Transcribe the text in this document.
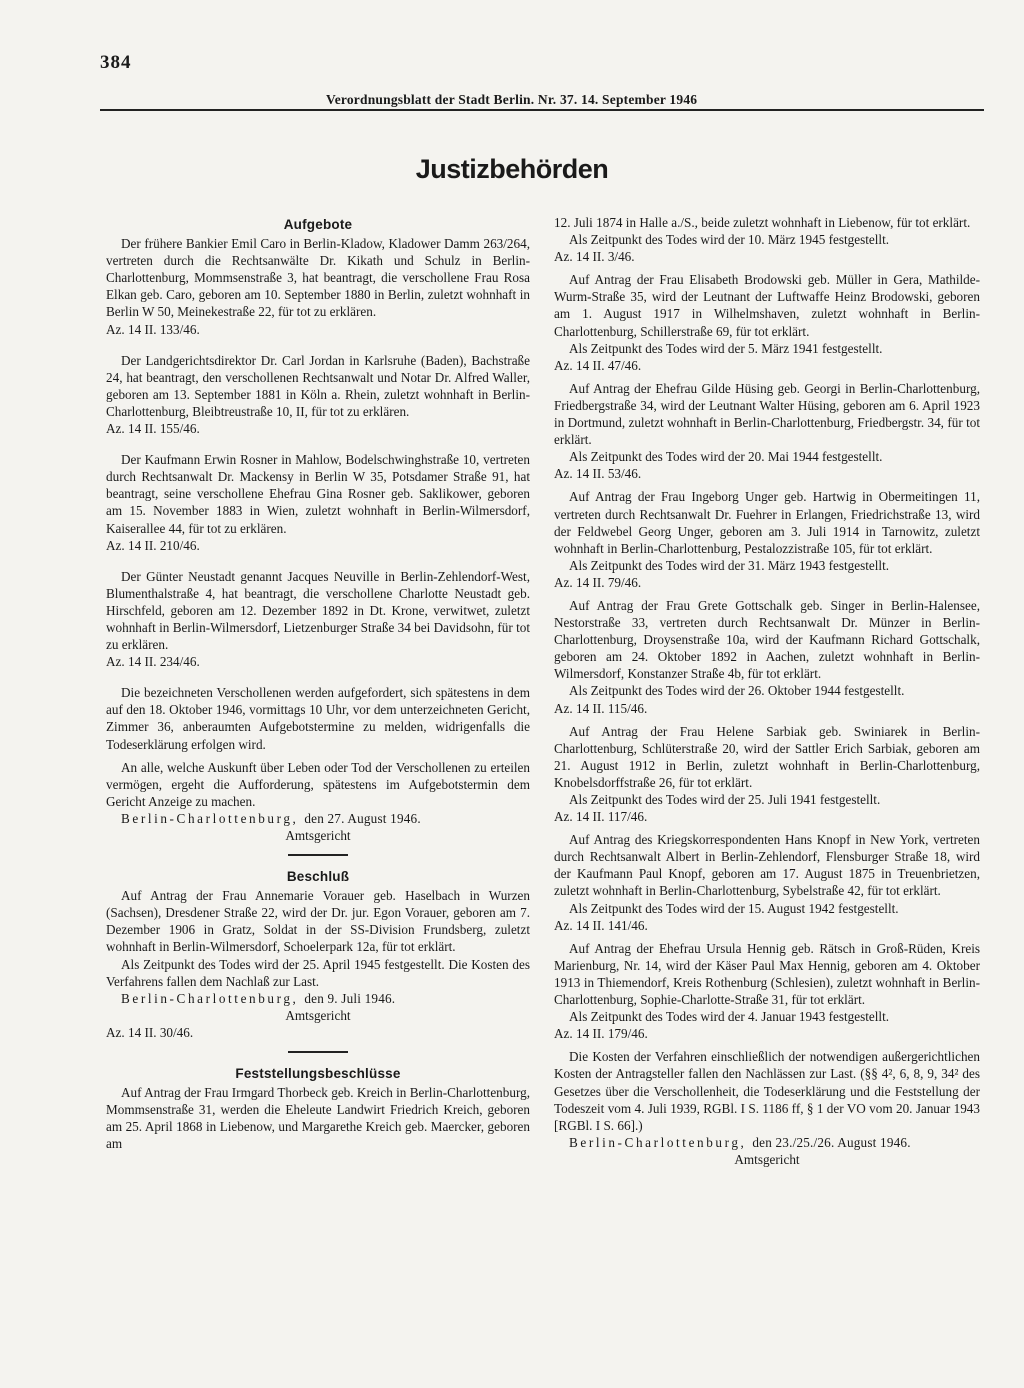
384
Verordnungsblatt der Stadt Berlin. Nr. 37. 14. September 1946
Justizbehörden
Aufgebote

Der frühere Bankier Emil Caro in Berlin-Kladow, Kladower Damm 263/264, vertreten durch die Rechtsanwälte Dr. Kikath und Schulz in Berlin-Charlottenburg, Mommsenstraße 3, hat beantragt, die verschollene Frau Rosa Elkan geb. Caro, geboren am 10. September 1880 in Berlin, zuletzt wohnhaft in Berlin W 50, Meinekestraße 22, für tot zu erklären.

Az. 14 II. 133/46.

Der Landgerichtsdirektor Dr. Carl Jordan in Karlsruhe (Baden), Bachstraße 24, hat beantragt, den verschollenen Rechtsanwalt und Notar Dr. Alfred Waller, geboren am 13. September 1881 in Köln a. Rhein, zuletzt wohnhaft in Berlin-Charlottenburg, Bleibtreustraße 10, II, für tot zu erklären.

Az. 14 II. 155/46.

Der Kaufmann Erwin Rosner in Mahlow, Bodelschwinghstraße 10, vertreten durch Rechtsanwalt Dr. Mackensy in Berlin W 35, Potsdamer Straße 91, hat beantragt, seine verschollene Ehefrau Gina Rosner geb. Saklikower, geboren am 15. November 1883 in Wien, zuletzt wohnhaft in Berlin-Wilmersdorf, Kaiserallee 44, für tot zu erklären.

Az. 14 II. 210/46.

Der Günter Neustadt genannt Jacques Neuville in Berlin-Zehlendorf-West, Blumenthalstraße 4, hat beantragt, die verschollene Charlotte Neustadt geb. Hirschfeld, geboren am 12. Dezember 1892 in Dt. Krone, verwitwet, zuletzt wohnhaft in Berlin-Wilmersdorf, Lietzenburger Straße 34 bei Davidsohn, für tot zu erklären.

Az. 14 II. 234/46.

Die bezeichneten Verschollenen werden aufgefordert, sich spätestens in dem auf den 18. Oktober 1946, vormittags 10 Uhr, vor dem unterzeichneten Gericht, Zimmer 36, anberaumten Aufgebotstermine zu melden, widrigenfalls die Todeserklärung erfolgen wird.

An alle, welche Auskunft über Leben oder Tod der Verschollenen zu erteilen vermögen, ergeht die Aufforderung, spätestens im Aufgebotstermin dem Gericht Anzeige zu machen.

Berlin-Charlottenburg, den 27. August 1946.

Amtsgericht

Beschluß

Auf Antrag der Frau Annemarie Vorauer geb. Haselbach in Wurzen (Sachsen), Dresdener Straße 22, wird der Dr. jur. Egon Vorauer, geboren am 7. Dezember 1906 in Gratz, Soldat in der SS-Division Frundsberg, zuletzt wohnhaft in Berlin-Wilmersdorf, Schoelerpark 12a, für tot erklärt.

Als Zeitpunkt des Todes wird der 25. April 1945 festgestellt. Die Kosten des Verfahrens fallen dem Nachlaß zur Last.

Berlin-Charlottenburg, den 9. Juli 1946.

Amtsgericht

Az. 14 II. 30/46.

Feststellungsbeschlüsse

Auf Antrag der Frau Irmgard Thorbeck geb. Kreich in Berlin-Charlottenburg, Mommsenstraße 31, werden die Eheleute Landwirt Friedrich Kreich, geboren am 25. April 1868 in Liebenow, und Margarethe Kreich geb. Maercker, geboren am

12. Juli 1874 in Halle a./S., beide zuletzt wohnhaft in Liebenow, für tot erklärt.

Als Zeitpunkt des Todes wird der 10. März 1945 festgestellt.

Az. 14 II. 3/46.

Auf Antrag der Frau Elisabeth Brodowski geb. Müller in Gera, Mathilde-Wurm-Straße 35, wird der Leutnant der Luftwaffe Heinz Brodowski, geboren am 1. August 1917 in Wilhelmshaven, zuletzt wohnhaft in Berlin-Charlottenburg, Schillerstraße 69, für tot erklärt.

Als Zeitpunkt des Todes wird der 5. März 1941 festgestellt.

Az. 14 II. 47/46.

Auf Antrag der Ehefrau Gilde Hüsing geb. Georgi in Berlin-Charlottenburg, Friedbergstraße 34, wird der Leutnant Walter Hüsing, geboren am 6. April 1923 in Dortmund, zuletzt wohnhaft in Berlin-Charlottenburg, Friedbergstr. 34, für tot erklärt.

Als Zeitpunkt des Todes wird der 20. Mai 1944 festgestellt.

Az. 14 II. 53/46.

Auf Antrag der Frau Ingeborg Unger geb. Hartwig in Obermeitingen 11, vertreten durch Rechtsanwalt Dr. Fuehrer in Erlangen, Friedrichstraße 13, wird der Feldwebel Georg Unger, geboren am 3. Juli 1914 in Tarnowitz, zuletzt wohnhaft in Berlin-Charlottenburg, Pestalozzistraße 105, für tot erklärt.

Als Zeitpunkt des Todes wird der 31. März 1943 festgestellt.

Az. 14 II. 79/46.

Auf Antrag der Frau Grete Gottschalk geb. Singer in Berlin-Halensee, Nestorstraße 33, vertreten durch Rechtsanwalt Dr. Münzer in Berlin-Charlottenburg, Droysenstraße 10a, wird der Kaufmann Richard Gottschalk, geboren am 24. Oktober 1892 in Aachen, zuletzt wohnhaft in Berlin-Wilmersdorf, Konstanzer Straße 4b, für tot erklärt.

Als Zeitpunkt des Todes wird der 26. Oktober 1944 festgestellt.

Az. 14 II. 115/46.

Auf Antrag der Frau Helene Sarbiak geb. Swiniarek in Berlin-Charlottenburg, Schlüterstraße 20, wird der Sattler Erich Sarbiak, geboren am 21. August 1912 in Berlin, zuletzt wohnhaft in Berlin-Charlottenburg, Knobelsdorffstraße 26, für tot erklärt.

Als Zeitpunkt des Todes wird der 25. Juli 1941 festgestellt.

Az. 14 II. 117/46.

Auf Antrag des Kriegskorrespondenten Hans Knopf in New York, vertreten durch Rechtsanwalt Albert in Berlin-Zehlendorf, Flensburger Straße 18, wird der Kaufmann Paul Knopf, geboren am 17. August 1875 in Treuenbrietzen, zuletzt wohnhaft in Berlin-Charlottenburg, Sybelstraße 42, für tot erklärt.

Als Zeitpunkt des Todes wird der 15. August 1942 festgestellt.

Az. 14 II. 141/46.

Auf Antrag der Ehefrau Ursula Hennig geb. Rätsch in Groß-Rüden, Kreis Marienburg, Nr. 14, wird der Käser Paul Max Hennig, geboren am 4. Oktober 1913 in Thiemendorf, Kreis Rothenburg (Schlesien), zuletzt wohnhaft in Berlin-Charlottenburg, Sophie-Charlotte-Straße 31, für tot erklärt.

Als Zeitpunkt des Todes wird der 4. Januar 1943 festgestellt.

Az. 14 II. 179/46.

Die Kosten der Verfahren einschließlich der notwendigen außergerichtlichen Kosten der Antragsteller fallen den Nachlässen zur Last. (§§ 4², 6, 8, 9, 34² des Gesetzes über die Verschollenheit, die Todeserklärung und die Feststellung der Todeszeit vom 4. Juli 1939, RGBl. I S. 1186 ff, § 1 der VO vom 20. Januar 1943 [RGBl. I S. 66].)

Berlin-Charlottenburg, den 23./25./26. August 1946.

Amtsgericht
